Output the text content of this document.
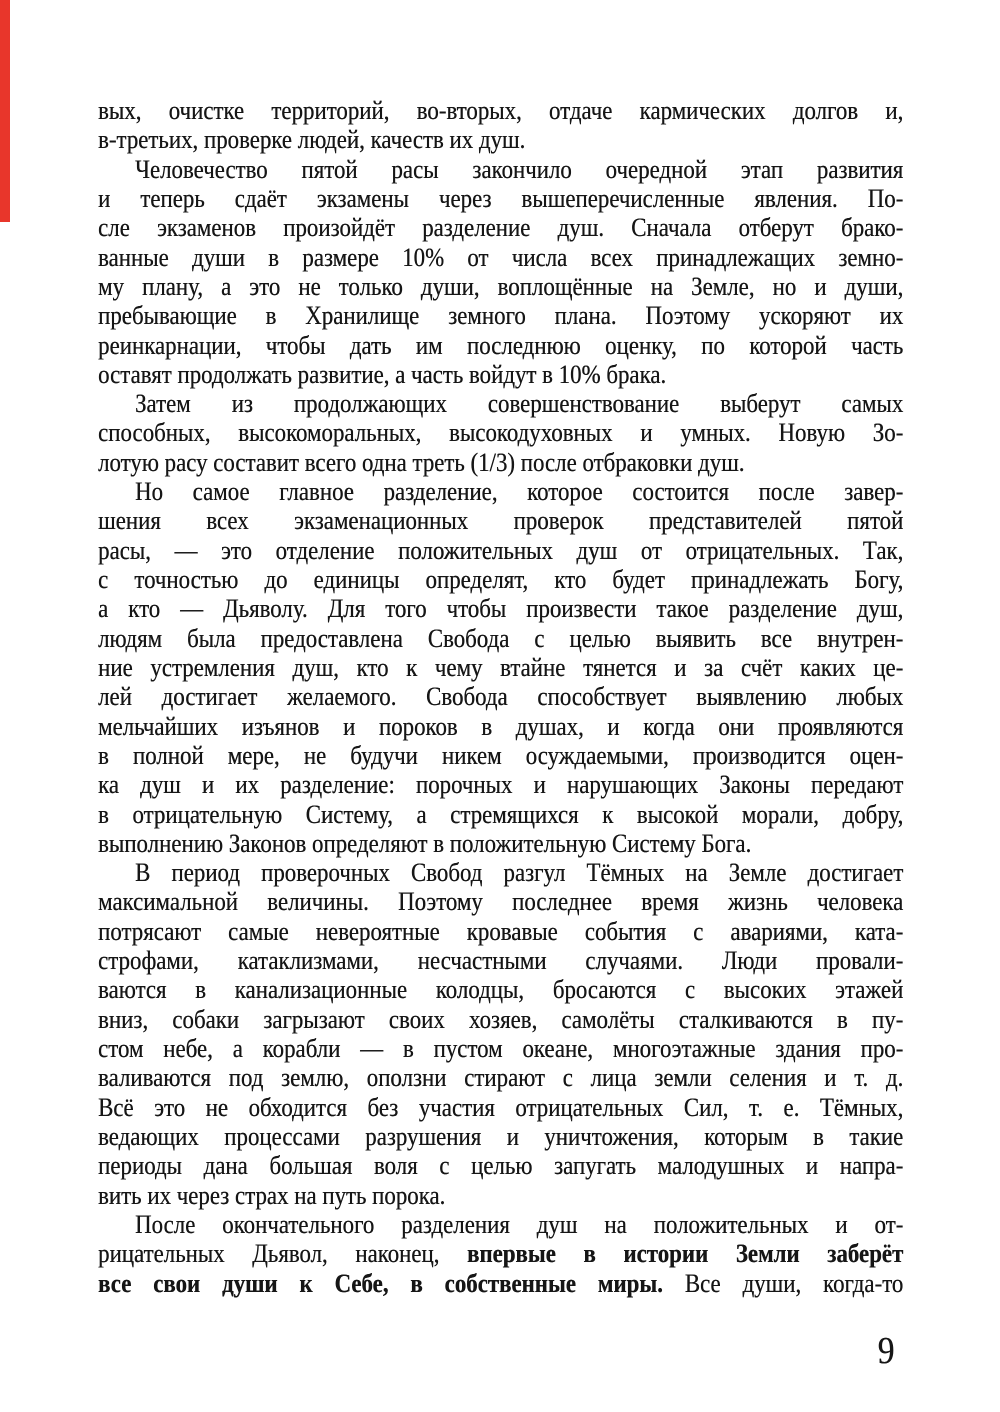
вых, очистке территорий, во-вторых, отдаче кармических долгов и,
в-третьих, проверке людей, качеств их душ.
Человечество пятой расы закончило очередной этап развития
и теперь сдаёт экзамены через вышеперечисленные явления. По-
сле экзаменов произойдёт разделение душ. Сначала отберут брако-
ванные души в размере 10% от числа всех принадлежащих земно-
му плану, а это не только души, воплощённые на Земле, но и души,
пребывающие в Хранилище земного плана. Поэтому ускоряют их
реинкарнации, чтобы дать им последнюю оценку, по которой часть
оставят продолжать развитие, а часть войдут в 10% брака.
Затем из продолжающих совершенствование выберут самых
способных, высокоморальных, высокодуховных и умных. Новую Зо-
лотую расу составит всего одна треть (1/3) после отбраковки душ.
Но самое главное разделение, которое состоится после завер-
шения всех экзаменационных проверок представителей пятой
расы, — это отделение положительных душ от отрицательных. Так,
с точностью до единицы определят, кто будет принадлежать Богу,
а кто — Дьяволу. Для того чтобы произвести такое разделение душ,
людям была предоставлена Свобода с целью выявить все внутрен-
ние устремления душ, кто к чему втайне тянется и за счёт каких це-
лей достигает желаемого. Свобода способствует выявлению любых
мельчайших изъянов и пороков в душах, и когда они проявляются
в полной мере, не будучи никем осуждаемыми, производится оцен-
ка душ и их разделение: порочных и нарушающих Законы передают
в отрицательную Систему, а стремящихся к высокой морали, добру,
выполнению Законов определяют в положительную Систему Бога.
В период проверочных Свобод разгул Тёмных на Земле достигает
максимальной величины. Поэтому последнее время жизнь человека
потрясают самые невероятные кровавые события с авариями, ката-
строфами, катаклизмами, несчастными случаями. Люди провали-
ваются в канализационные колодцы, бросаются с высоких этажей
вниз, собаки загрызают своих хозяев, самолёты сталкиваются в пу-
стом небе, а корабли — в пустом океане, многоэтажные здания про-
валиваются под землю, оползни стирают с лица земли селения и т. д.
Всё это не обходится без участия отрицательных Сил, т. е. Тёмных,
ведающих процессами разрушения и уничтожения, которым в такие
периоды дана большая воля с целью запугать малодушных и напра-
вить их через страх на путь порока.
После окончательного разделения душ на положительных и от-
рицательных Дьявол, наконец, впервые в истории Земли заберёт
все свои души к Себе, в собственные миры. Все души, когда-то
9
